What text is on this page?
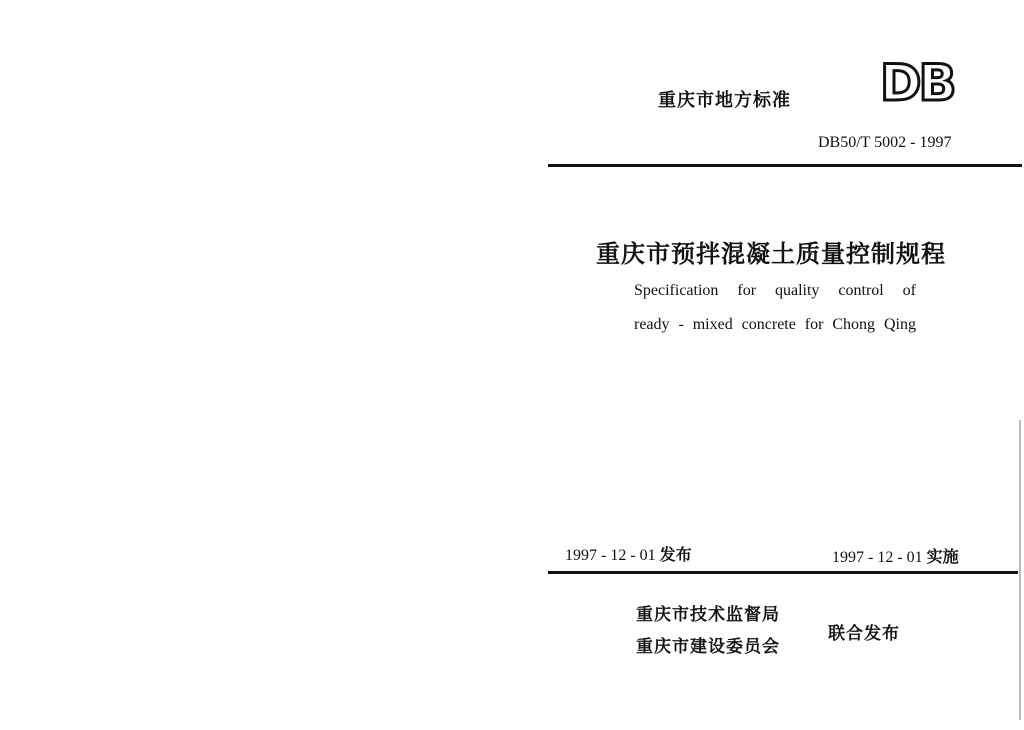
重庆市地方标准 DB
DB50/T 5002 - 1997
重庆市预拌混凝土质量控制规程
Specification for quality control of
ready - mixed concrete for Chong Qing
1997 - 12 - 01 发布	1997 - 12 - 01 实施
重庆市技术监督局
重庆市建设委员会
联合发布
